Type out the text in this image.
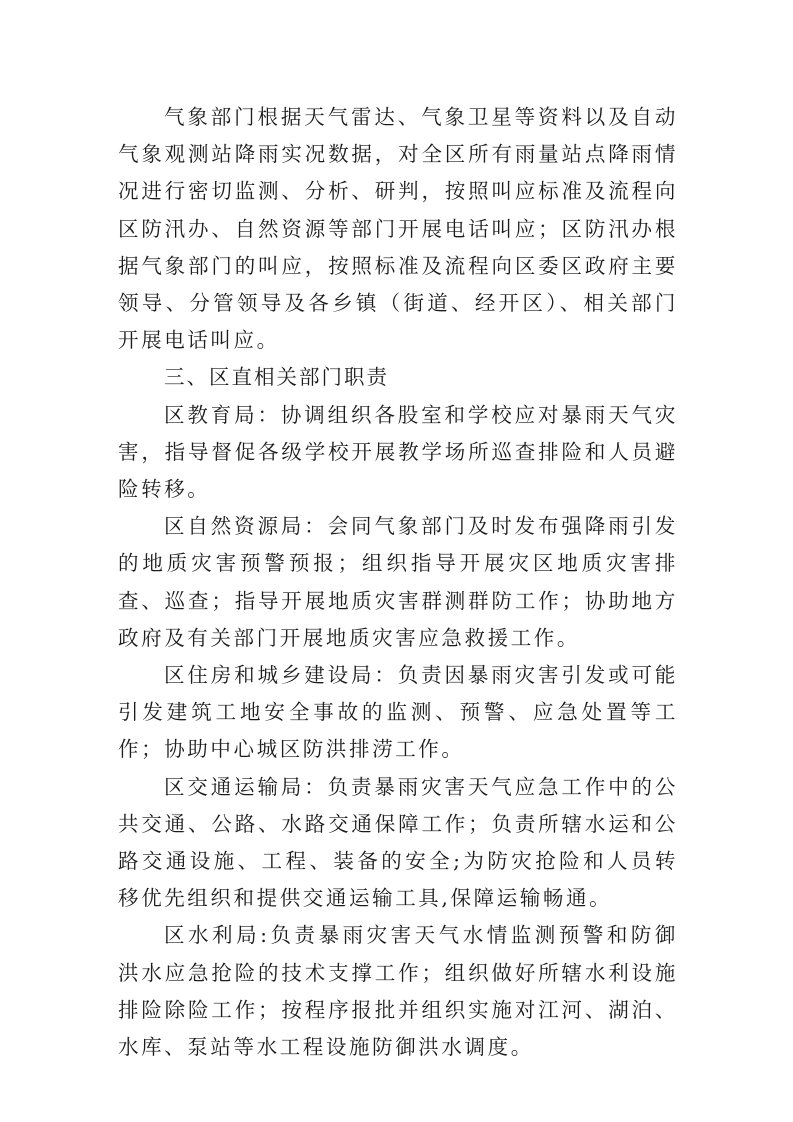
气象部门根据天气雷达、气象卫星等资料以及自动气象观测站降雨实况数据，对全区所有雨量站点降雨情况进行密切监测、分析、研判，按照叫应标准及流程向区防汛办、自然资源等部门开展电话叫应；区防汛办根据气象部门的叫应，按照标准及流程向区委区政府主要领导、分管领导及各乡镇（街道、经开区）、相关部门开展电话叫应。

三、区直相关部门职责

区教育局：协调组织各股室和学校应对暴雨天气灾害，指导督促各级学校开展教学场所巡查排险和人员避险转移。

区自然资源局：会同气象部门及时发布强降雨引发的地质灾害预警预报；组织指导开展灾区地质灾害排查、巡查；指导开展地质灾害群测群防工作；协助地方政府及有关部门开展地质灾害应急救援工作。

区住房和城乡建设局：负责因暴雨灾害引发或可能引发建筑工地安全事故的监测、预警、应急处置等工作；协助中心城区防洪排涝工作。

区交通运输局：负责暴雨灾害天气应急工作中的公共交通、公路、水路交通保障工作；负责所辖水运和公路交通设施、工程、装备的安全;为防灾抢险和人员转移优先组织和提供交通运输工具,保障运输畅通。

区水利局:负责暴雨灾害天气水情监测预警和防御洪水应急抢险的技术支撑工作；组织做好所辖水利设施排险除险工作；按程序报批并组织实施对江河、湖泊、水库、泵站等水工程设施防御洪水调度。
